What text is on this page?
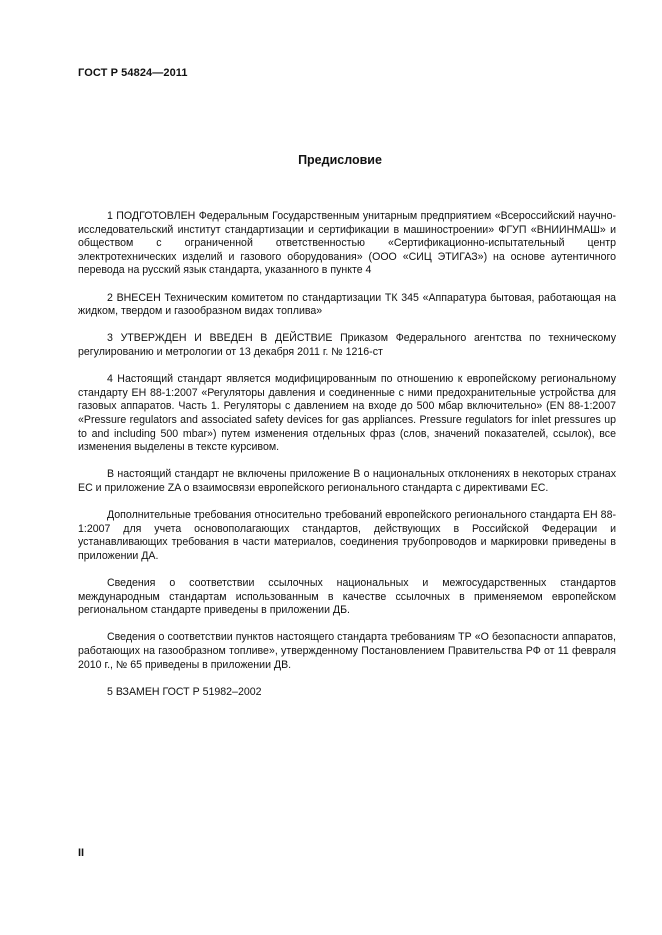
ГОСТ Р 54824—2011
Предисловие

1 ПОДГОТОВЛЕН Федеральным Государственным унитарным предприятием «Всероссийский научно-исследовательский институт стандартизации и сертификации в машиностроении» ФГУП «ВНИИНМАШ» и обществом с ограниченной ответственностью «Сертификационно-испытательный центр электротехнических изделий и газового оборудования» (ООО «СИЦ ЭТИГАЗ») на основе аутентичного перевода на русский язык стандарта, указанного в пункте 4

2 ВНЕСЕН Техническим комитетом по стандартизации ТК 345 «Аппаратура бытовая, работающая на жидком, твердом и газообразном видах топлива»

3 УТВЕРЖДЕН И ВВЕДЕН В ДЕЙСТВИЕ Приказом Федерального агентства по техническому регулированию и метрологии от 13 декабря 2011 г. № 1216-ст

4 Настоящий стандарт является модифицированным по отношению к европейскому региональному стандарту ЕН 88-1:2007 «Регуляторы давления и соединенные с ними предохранительные устройства для газовых аппаратов. Часть 1. Регуляторы с давлением на входе до 500 мбар включительно» (EN 88-1:2007 «Pressure regulators and associated safety devices for gas appliances. Pressure regulators for inlet pressures up to and including 500 mbar») путем изменения отдельных фраз (слов, значений показателей, ссылок), все изменения выделены в тексте курсивом.

В настоящий стандарт не включены приложение В о национальных отклонениях в некоторых странах ЕС и приложение ZA о взаимосвязи европейского регионального стандарта с директивами ЕС.

Дополнительные требования относительно требований европейского регионального стандарта ЕН 88-1:2007 для учета основополагающих стандартов, действующих в Российской Федерации и устанавливающих требования в части материалов, соединения трубопроводов и маркировки приведены в приложении ДА.

Сведения о соответствии ссылочных национальных и межгосударственных стандартов международным стандартам использованным в качестве ссылочных в применяемом европейском региональном стандарте приведены в приложении ДБ.

Сведения о соответствии пунктов настоящего стандарта требованиям ТР «О безопасности аппаратов, работающих на газообразном топливе», утвержденному Постановлением Правительства РФ от 11 февраля 2010 г., № 65 приведены в приложении ДВ.

5 ВЗАМЕН ГОСТ Р 51982–2002

II
